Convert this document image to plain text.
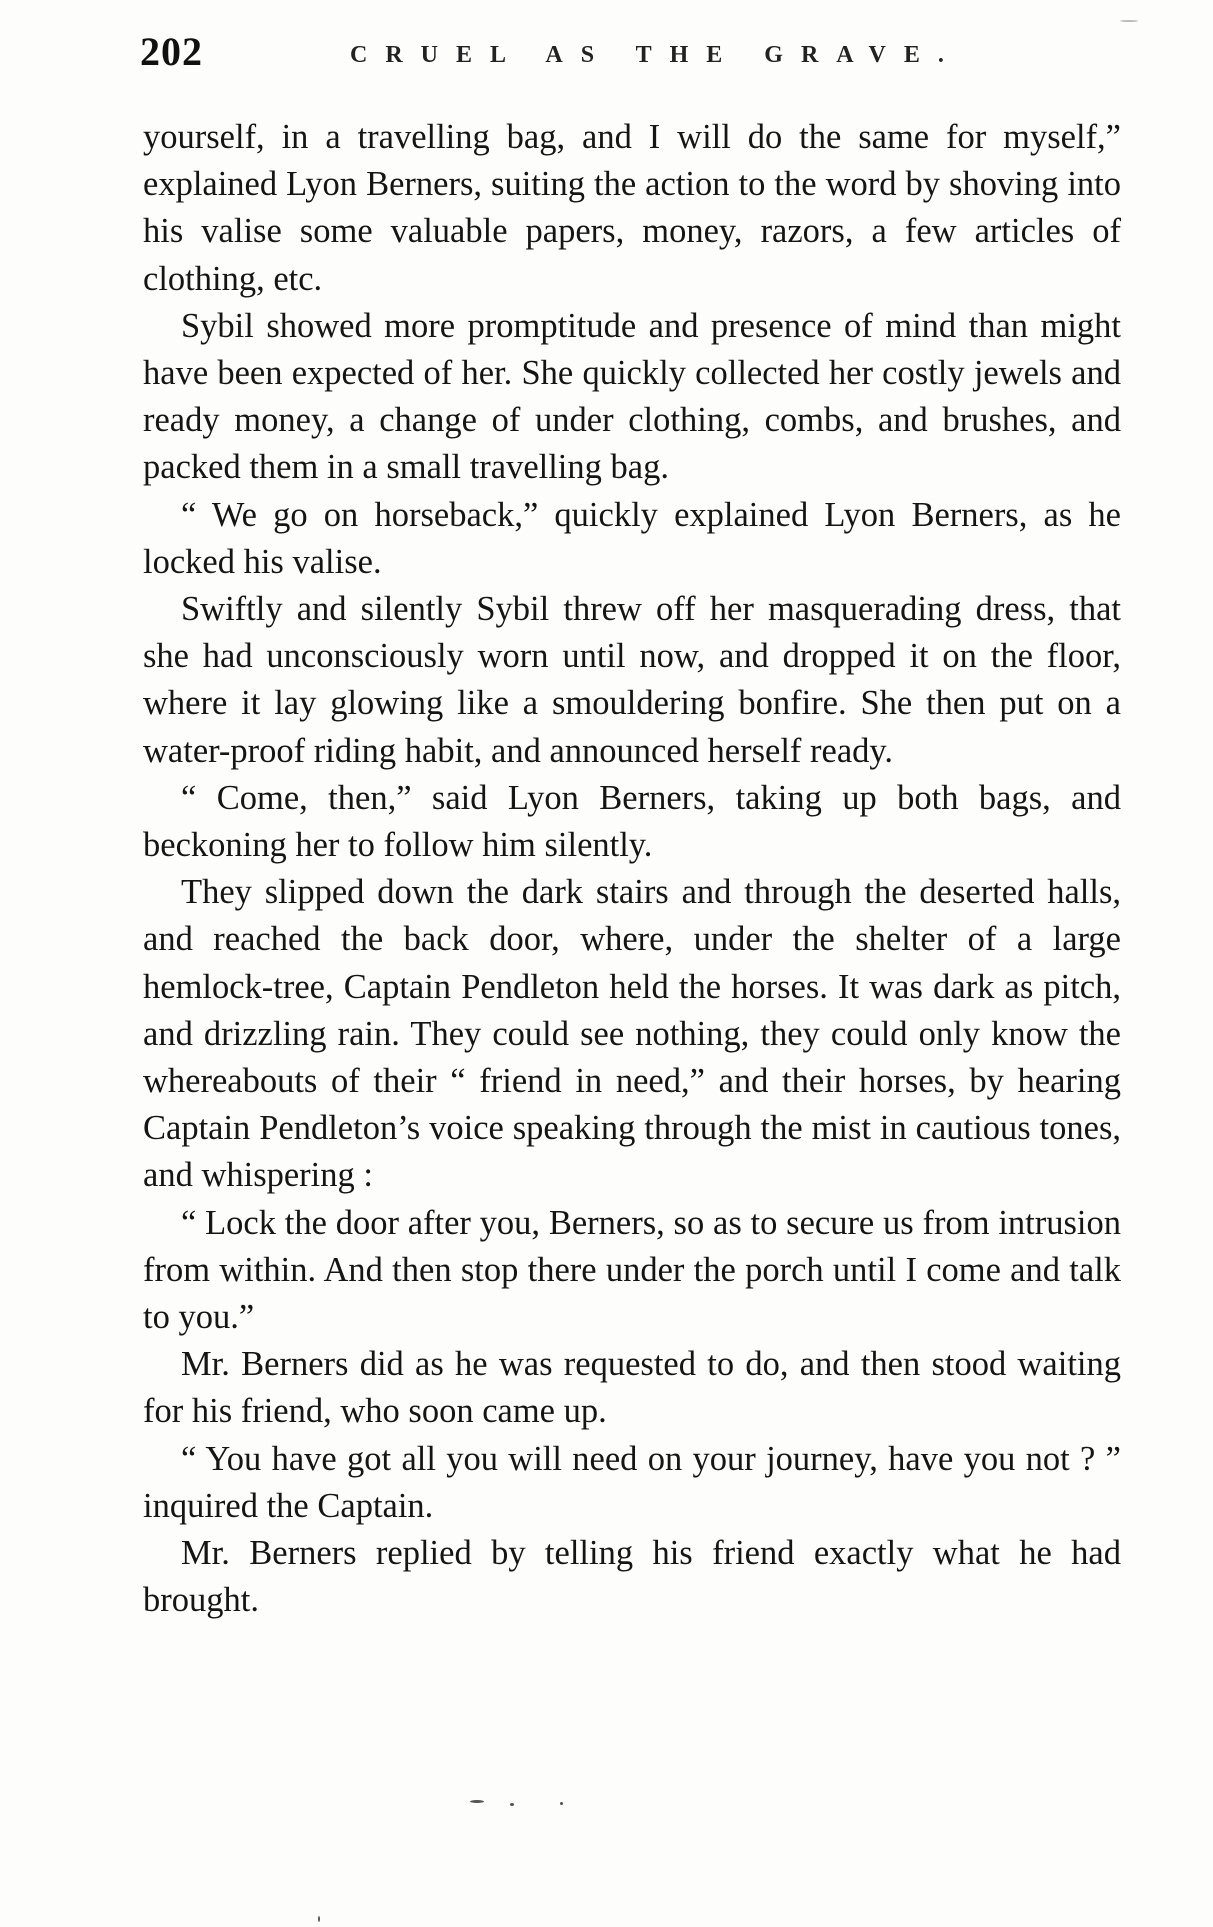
202	CRUEL AS THE GRAVE.

yourself, in a travelling bag, and I will do the same for myself,” explained Lyon Berners, suiting the action to the word by shoving into his valise some valuable papers, money, razors, a few articles of clothing, etc.

Sybil showed more promptitude and presence of mind than might have been expected of her. She quickly collected her costly jewels and ready money, a change of under clothing, combs, and brushes, and packed them in a small travelling bag.

“ We go on horseback,” quickly explained Lyon Berners, as he locked his valise.

Swiftly and silently Sybil threw off her masquerading dress, that she had unconsciously worn until now, and dropped it on the floor, where it lay glowing like a smouldering bonfire. She then put on a water-proof riding habit, and announced herself ready.

“ Come, then,” said Lyon Berners, taking up both bags, and beckoning her to follow him silently.

They slipped down the dark stairs and through the deserted halls, and reached the back door, where, under the shelter of a large hemlock-tree, Captain Pendleton held the horses. It was dark as pitch, and drizzling rain. They could see nothing, they could only know the whereabouts of their “ friend in need,” and their horses, by hearing Captain Pendleton’s voice speaking through the mist in cautious tones, and whispering :

“ Lock the door after you, Berners, so as to secure us from intrusion from within. And then stop there under the porch until I come and talk to you.”

Mr. Berners did as he was requested to do, and then stood waiting for his friend, who soon came up.

“ You have got all you will need on your journey, have you not ? ” inquired the Captain.

Mr. Berners replied by telling his friend exactly what he had brought.
